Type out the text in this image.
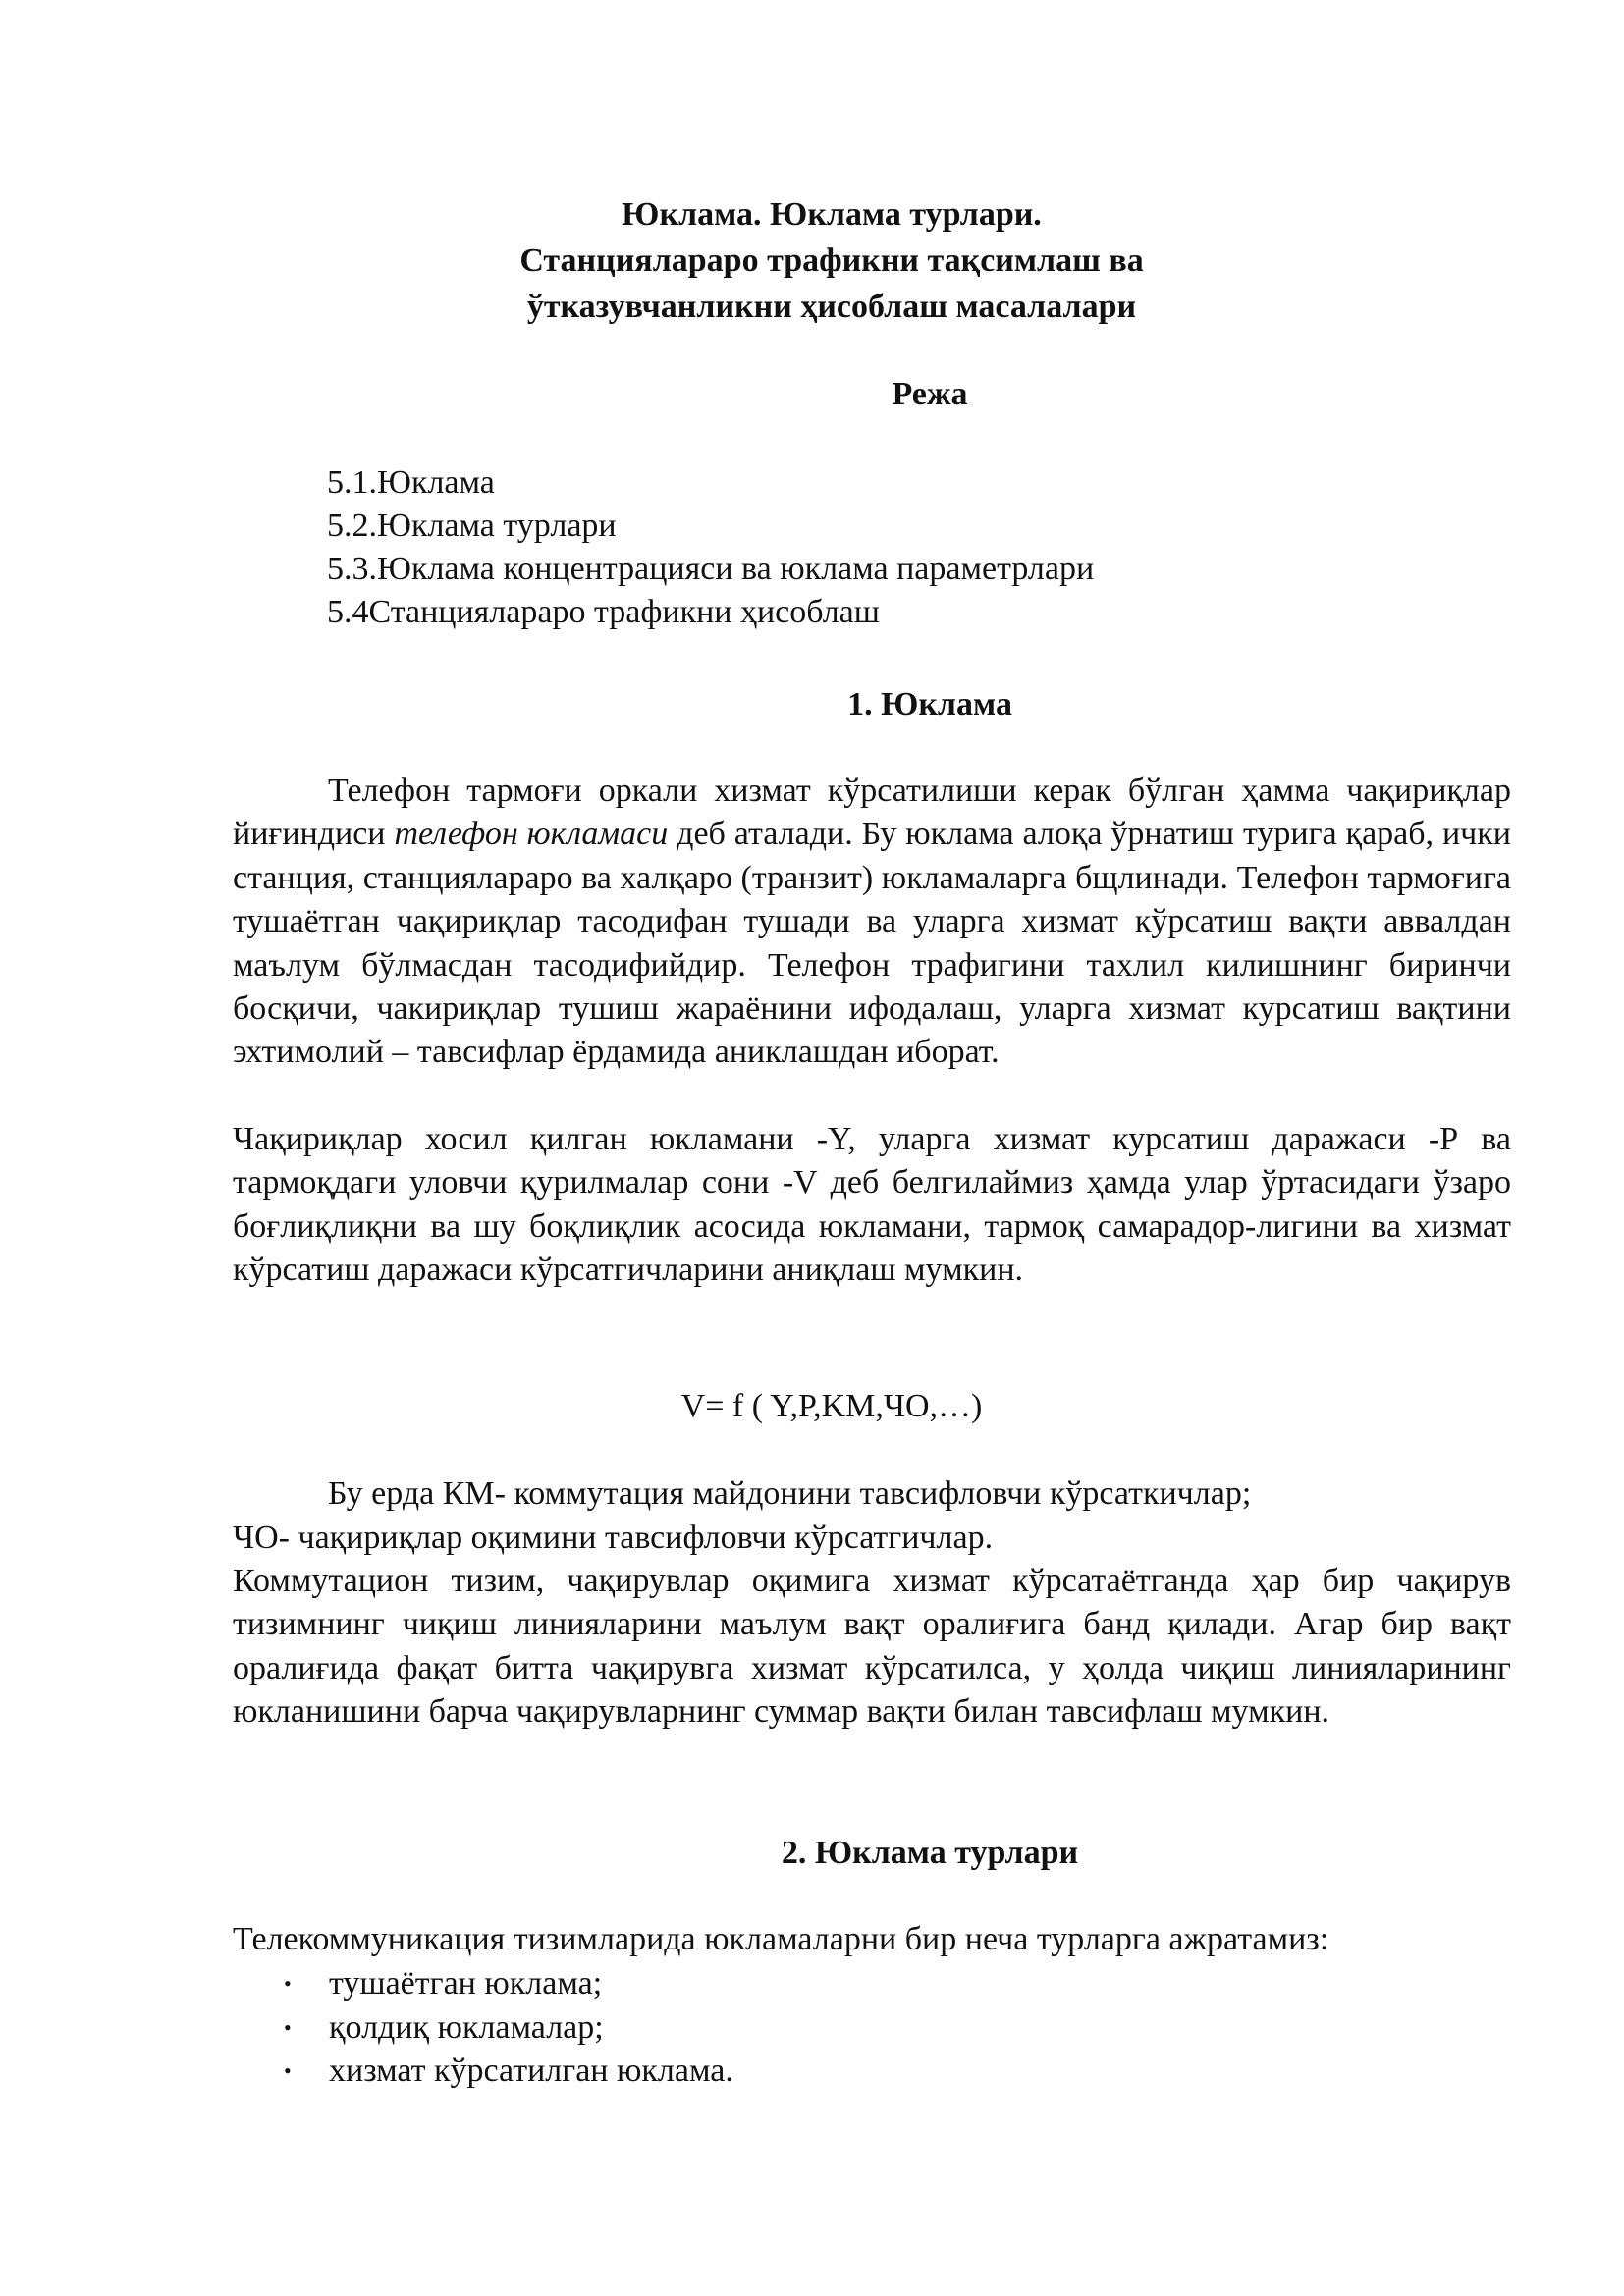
Юклама. Юклама турлари.
Станциялараро трафикни тақсимлаш ва
ўтказувчанликни ҳисоблаш масалалари
Режа
5.1.Юклама
5.2.Юклама турлари
5.3.Юклама концентрацияси ва юклама параметрлари
5.4Станциялараро трафикни ҳисоблаш
1. Юклама

Телефон тармоғи оркали хизмат кўрсатилиши керак бўлган ҳамма чақириқлар йиғиндиси телефон юкламаси деб аталади. Бу юклама алоқа ўрнатиш турига қараб, ички станция, станциялараро ва халқаро (транзит) юкламаларга бщлинади. Телефон тармоғига тушаётган чақириқлар тасодифан тушади ва уларга хизмат кўрсатиш вақти аввалдан маълум бўлмасдан тасодифийдир. Телефон трафигини тахлил килишнинг биринчи босқичи, чакириқлар тушиш жараёнини ифодалаш, уларга хизмат курсатиш вақтини эхтимолий – тавсифлар ёрдамида аниклашдан иборат.

Чақириқлар хосил қилган юкламани -Y, уларга хизмат курсатиш даражаси -Р ва тармоқдаги уловчи қурилмалар сони -V деб белгилаймиз ҳамда улар ўртасидаги ўзаро боғлиқлиқни ва шу боқлиқлик асосида юкламани, тармоқ самарадор-лигини ва хизмат кўрсатиш даражаси кўрсатгичларини аниқлаш мумкин.

V= f ( Y,P,KM,ЧО,…)

Бу ерда КМ- коммутация майдонини тавсифловчи кўрсаткичлар;

ЧО- чақириқлар оқимини тавсифловчи кўрсатгичлар.

Коммутацион тизим, чақирувлар оқимига хизмат кўрсатаётганда ҳар бир чақирув тизимнинг чиқиш линияларини маълум вақт оралиғига банд қилади. Агар бир вақт оралиғида фақат битта чақирувга хизмат кўрсатилса, у ҳолда чиқиш линияларининг юкланишини барча чақирувларнинг суммар вақти билан тавсифлаш мумкин.

2. Юклама турлари

Телекоммуникация тизимларида юкламаларни бир неча турларга ажратамиз:

• тушаётган юклама;
• қолдиқ юкламалар;
• хизмат кўрсатилган юклама.
